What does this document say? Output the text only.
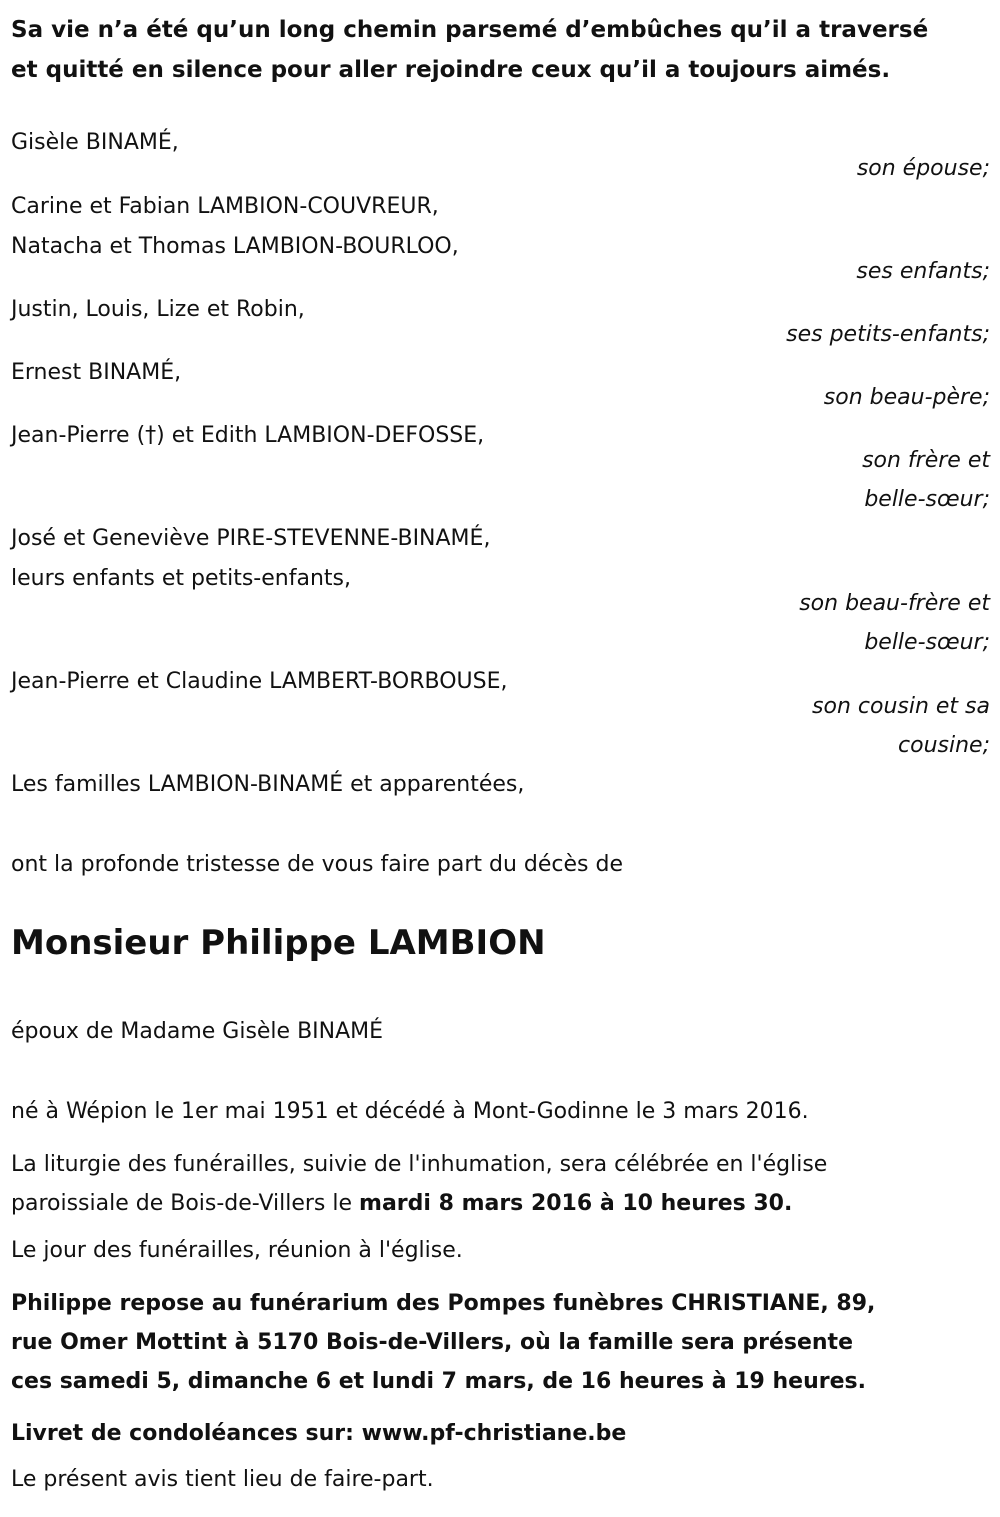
Sa vie n’a été qu’un long chemin parsemé d’embûches qu’il a traversé
et quitté en silence pour aller rejoindre ceux qu’il a toujours aimés.
Gisèle BINAMÉ,
son épouse;
Carine et Fabian LAMBION-COUVREUR,
Natacha et Thomas LAMBION-BOURLOO,
ses enfants;
Justin, Louis, Lize et Robin,
ses petits-enfants;
Ernest BINAMÉ,
son beau-père;
Jean-Pierre (†) et Edith LAMBION-DEFOSSE,
son frère et
belle-sœur;
José et Geneviève PIRE-STEVENNE-BINAMÉ,
leurs enfants et petits-enfants,
son beau-frère et
belle-sœur;
Jean-Pierre et Claudine LAMBERT-BORBOUSE,
son cousin et sa
cousine;
Les familles LAMBION-BINAMÉ et apparentées,
ont la profonde tristesse de vous faire part du décès de
Monsieur Philippe LAMBION
époux de Madame Gisèle BINAMÉ
né à Wépion le 1er mai 1951 et décédé à Mont-Godinne le 3 mars 2016.
La liturgie des funérailles, suivie de l'inhumation, sera célébrée en l'église
paroissiale de Bois-de-Villers le mardi 8 mars 2016 à 10 heures 30.
Le jour des funérailles, réunion à l'église.
Philippe repose au funérarium des Pompes funèbres CHRISTIANE, 89,
rue Omer Mottint à 5170 Bois-de-Villers, où la famille sera présente
ces samedi 5, dimanche 6 et lundi 7 mars, de 16 heures à 19 heures.
Livret de condoléances sur: www.pf-christiane.be
Le présent avis tient lieu de faire-part.
